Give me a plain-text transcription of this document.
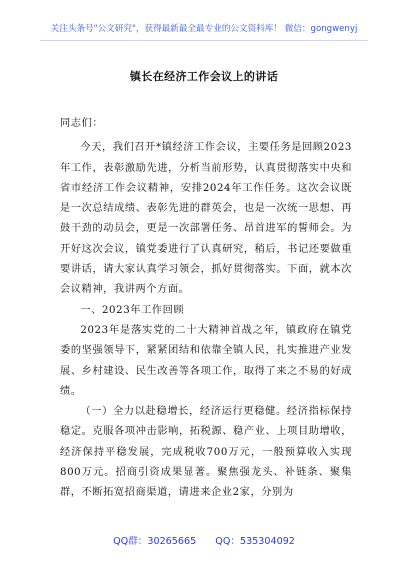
关注头条号"公文研究"，获得最新最全最专业的公文资料库！ 微信：gongwenyj
镇长在经济工作会议上的讲话

同志们：

今天，我们召开*镇经济工作会议，主要任务是回顾2023年工作，表彰激励先进，分析当前形势，认真贯彻落实中央和省市经济工作会议精神，安排2024年工作任务。这次会议既是一次总结成绩、表彰先进的群英会，也是一次统一思想、再鼓干劲的动员会，更是一次部署任务、昂首进军的誓师会。为开好这次会议，镇党委进行了认真研究，稍后，书记还要做重要讲话，请大家认真学习领会，抓好贯彻落实。下面，就本次会议精神，我讲两个方面。

一、2023年工作回顾

2023年是落实党的二十大精神首战之年，镇政府在镇党委的坚强领导下，紧紧团结和依靠全镇人民，扎实推进产业发展、乡村建设、民生改善等各项工作，取得了来之不易的好成绩。

（一）全力以赴稳增长，经济运行更稳健。经济指标保持稳定。克服各项冲击影响，拓税源、稳产业、上项目助增收，经济保持平稳发展，完成税收700万元，一般预算收入实现800万元。招商引资成果显著。聚焦强龙头、补链条、聚集群，不断拓宽招商渠道，请进来企业2家，分别为

QQ群：30265665 QQ：535304092
